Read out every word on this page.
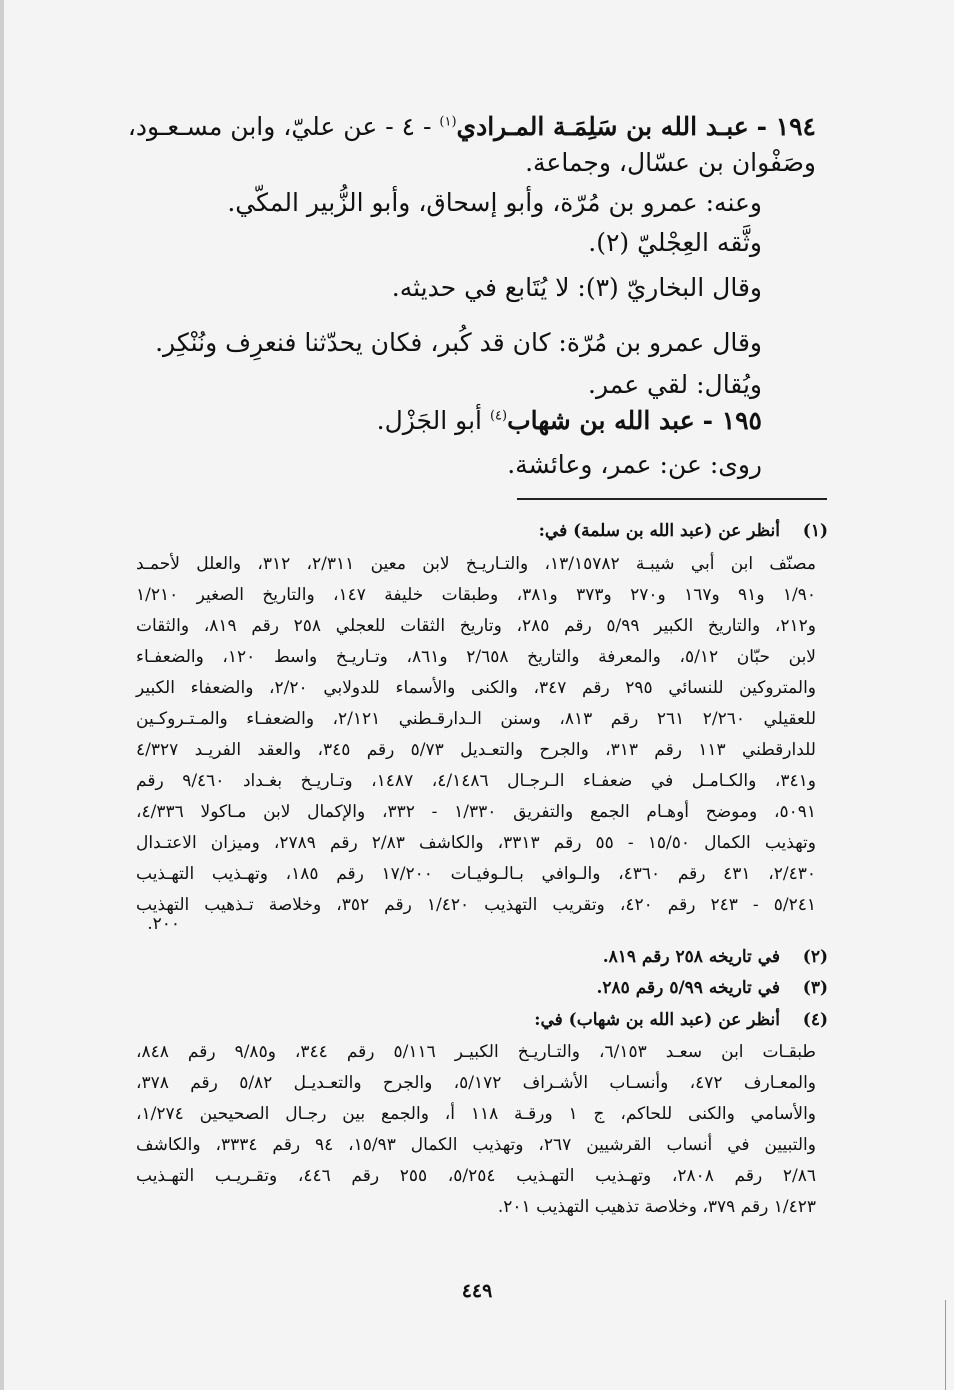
١٩٤ - عبـد الله بن سَلِمَـة المـرادي$^{(١)}$ - ٤ - عن عليّ، وابن مسـعـود،
وصَفْوان بن عسّال، وجماعة.
وعنه: عمرو بن مُرّة، وأبو إسحاق، وأبو الزُّبير المكّي.
وثَّقه العِجْليّ (٢).
وقال البخاريّ (٣): لا يُتَابع في حديثه.
وقال عمرو بن مُرّة: كان قد كُبر، فكان يحدّثنا فنعرِف ونُنْكِر.
ويُقال: لقي عمر.
١٩٥ - عبد الله بن شهاب$^{(٤)}$ أبو الجَزْل.
روى: عن: عمر، وعائشة.
(١)
أنظر عن (عبد الله بن سلمة) في:
مصنّف ابن أبي شيبـة ١٣/١٥٧٨٢، والتـاريـخ لابن معين ٢/٣١١، ٣١٢، والعلل لأحمـد
١/٩٠ و٩١ و١٦٧ و٢٧٠ و٣٧٣ و٣٨١، وطبقات خليفة ١٤٧، والتاريخ الصغير ١/٢١٠
و٢١٢، والتاريخ الكبير ٥/٩٩ رقم ٢٨٥، وتاريخ الثقات للعجلي ٢٥٨ رقم ٨١٩، والثقات
لابن حبّان ٥/١٢، والمعرفة والتاريخ ٢/٦٥٨ و٨٦١، وتـاريـخ واسط ١٢٠، والضعفـاء
والمتروكين للنسائي ٢٩٥ رقم ٣٤٧، والكنى والأسماء للدولابي ٢/٢٠، والضعفاء الكبير
للعقيلي ٢/٢٦٠ ٢٦١ رقم ٨١٣، وسنن الـدارقـطني ٢/١٢١، والضعفـاء والمـتـروكـين
للدارقطني ١١٣ رقم ٣١٣، والجرح والتعـديل ٥/٧٣ رقم ٣٤٥، والعقد الفريـد ٤/٣٢٧
و٣٤١، والكـامـل في ضعفـاء الـرجـال ٤/١٤٨٦، ١٤٨٧، وتـاريـخ بغـداد ٩/٤٦٠ رقم
٥٠٩١، وموضح أوهـام الجمع والتفريق ١/٣٣٠ - ٣٣٢، والإكمال لابن مـاكولا ٤/٣٣٦،
وتهذيب الكمال ١٥/٥٠ - ٥٥ رقم ٣٣١٣، والكاشف ٢/٨٣ رقم ٢٧٨٩، وميزان الاعتـدال
٢/٤٣٠، ٤٣١ رقم ٤٣٦٠، والـوافي بـالـوفيـات ١٧/٢٠٠ رقم ١٨٥، وتهـذيب التهـذيب
٥/٢٤١ - ٢٤٣ رقم ٤٢٠، وتقريب التهذيب ١/٤٢٠ رقم ٣٥٢، وخلاصة تـذهيب التهذيب
٢٠٠.
(٢)
في تاريخه ٢٥٨ رقم ٨١٩.
(٣)
في تاريخه ٥/٩٩ رقم ٢٨٥.
(٤)
أنظر عن (عبد الله بن شهاب) في:
طبقـات ابن سعـد ٦/١٥٣، والتـاريـخ الكبيـر ٥/١١٦ رقم ٣٤٤، و٩/٨٥ رقم ٨٤٨،
والمعـارف ٤٧٢، وأنسـاب الأشـراف ٥/١٧٢، والجرح والتعـديـل ٥/٨٢ رقم ٣٧٨،
والأسامي والكنى للحاكم، ج ١ ورقـة ١١٨ أ، والجمع بين رجـال الصحيحين ١/٢٧٤،
والتبيين في أنساب القرشيين ٢٦٧، وتهذيب الكمال ١٥/٩٣، ٩٤ رقم ٣٣٣٤، والكاشف
٢/٨٦ رقم ٢٨٠٨، وتهـذيب التهـذيب ٥/٢٥٤، ٢٥٥ رقم ٤٤٦، وتقـريـب التهـذيب
١/٤٢٣ رقم ٣٧٩، وخلاصة تذهيب التهذيب ٢٠١.
٤٤٩
